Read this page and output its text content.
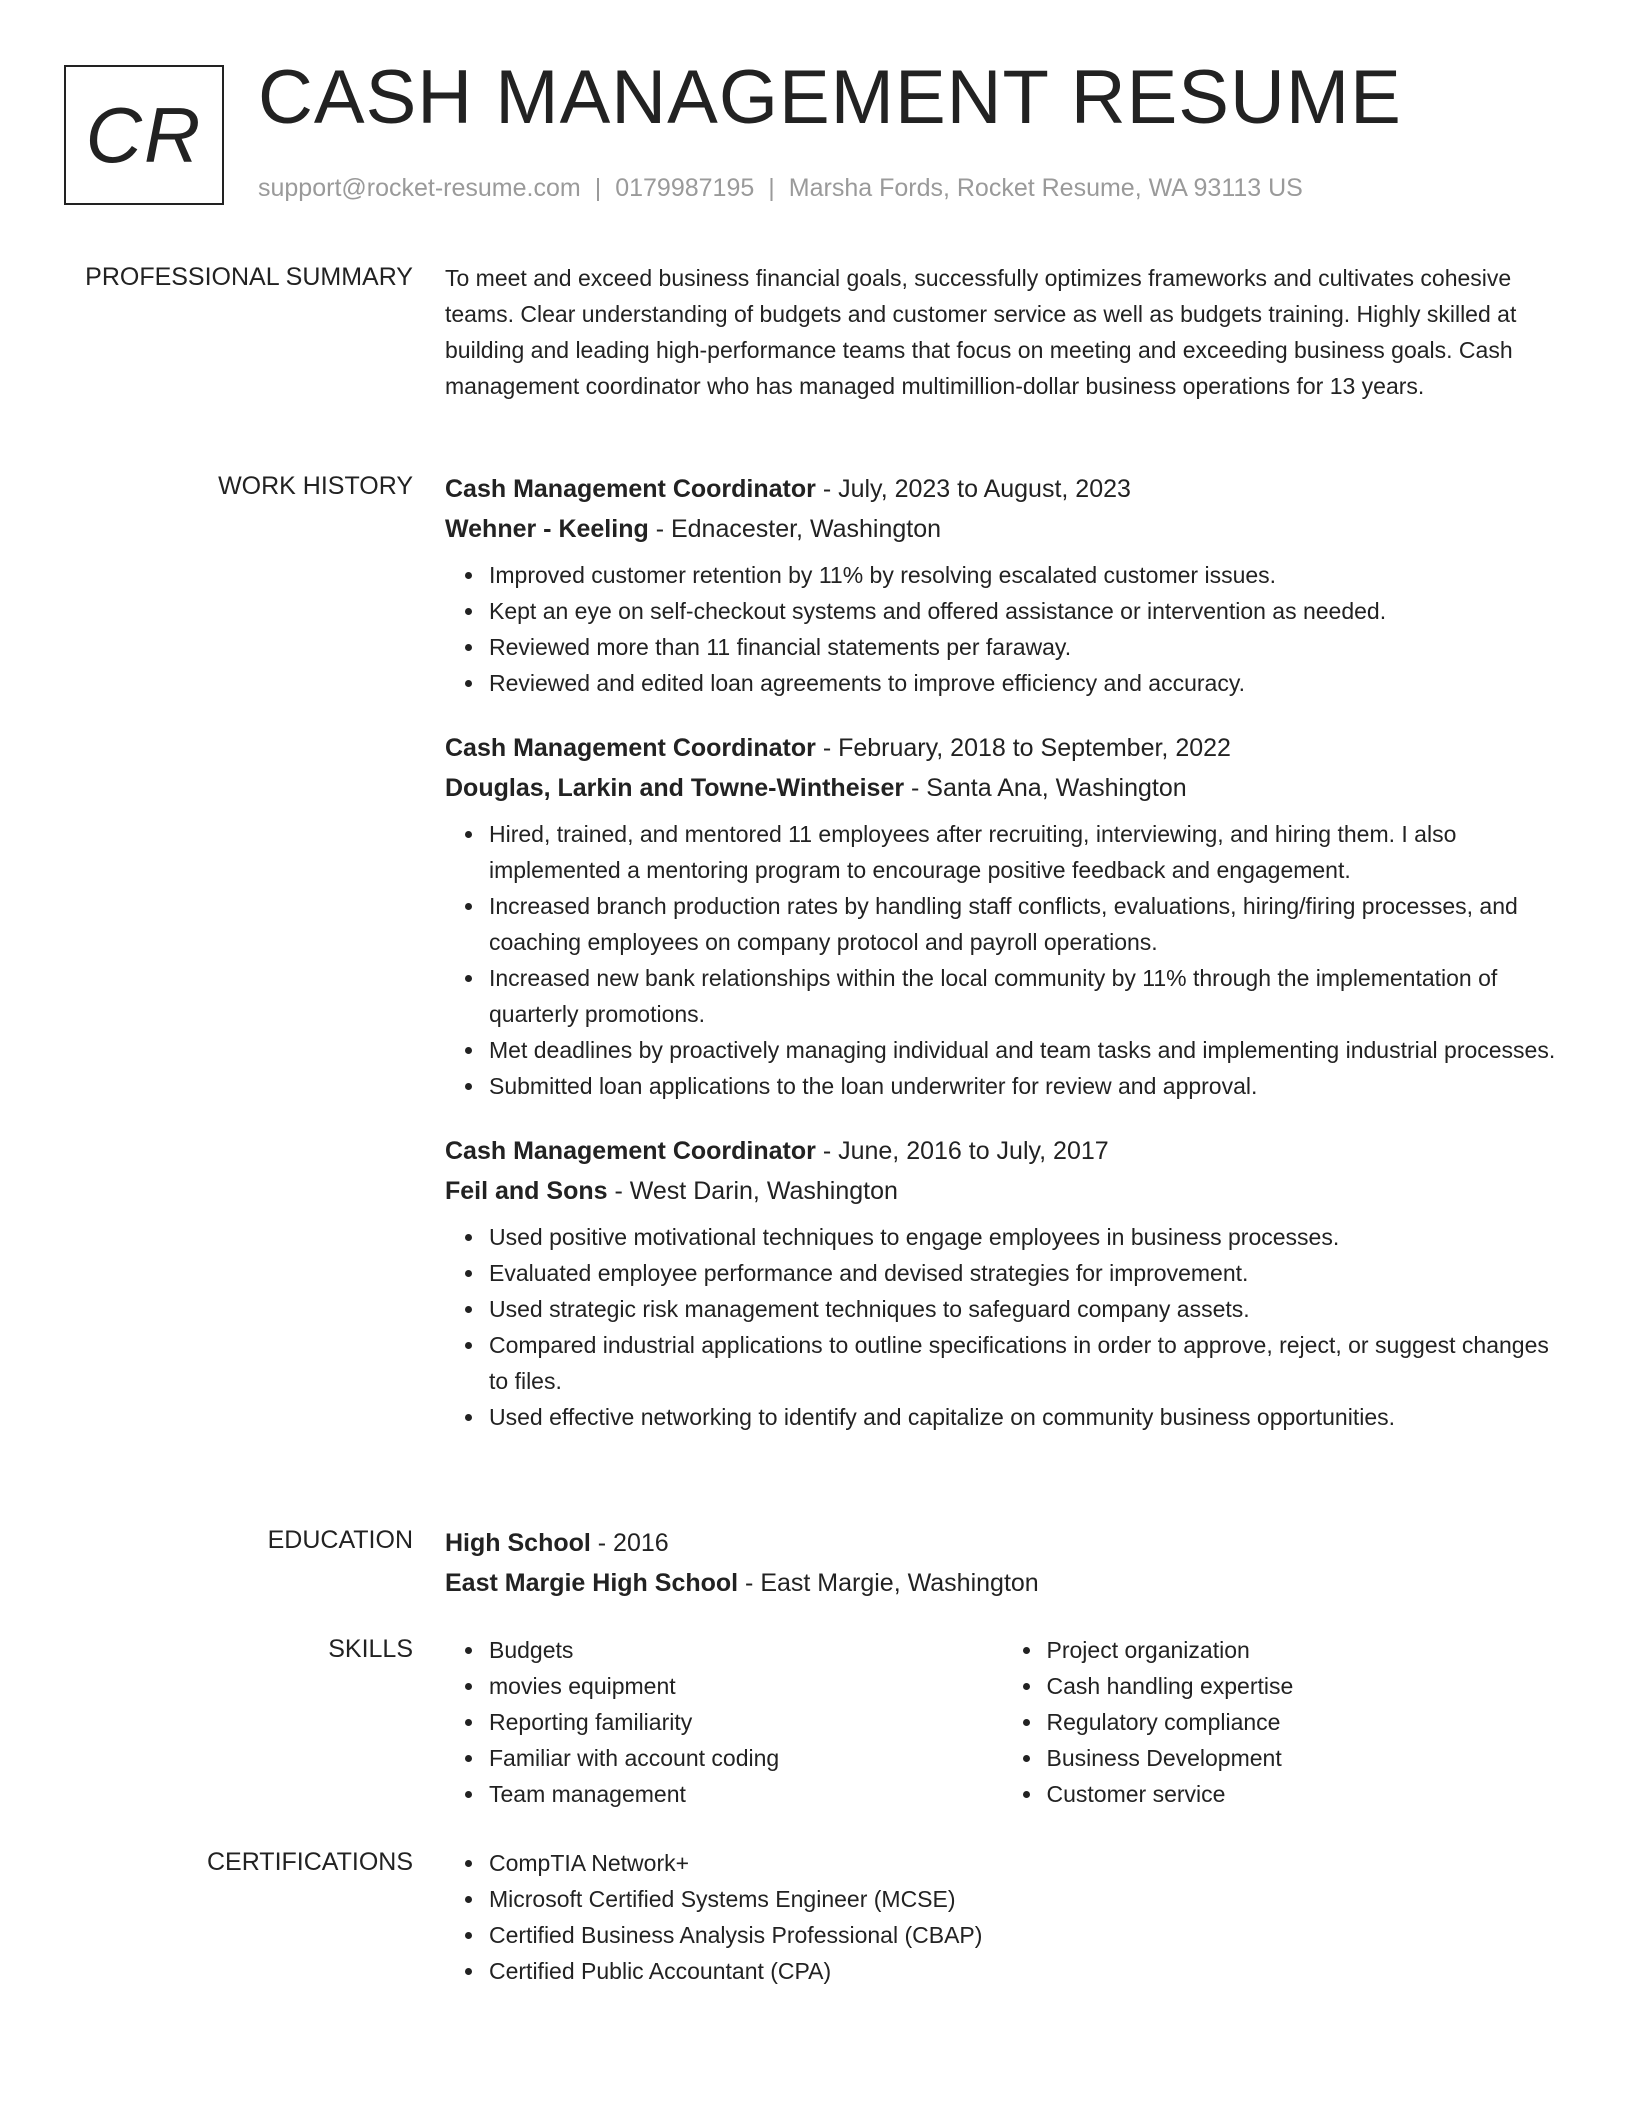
CR CASH MANAGEMENT RESUME
support@rocket-resume.com | 0179987195 | Marsha Fords, Rocket Resume, WA 93113 US
PROFESSIONAL SUMMARY To meet and exceed business financial goals, successfully optimizes frameworks and cultivates cohesive teams. Clear understanding of budgets and customer service as well as budgets training. Highly skilled at building and leading high-performance teams that focus on meeting and exceeding business goals. Cash management coordinator who has managed multimillion-dollar business operations for 13 years.

WORK HISTORY Cash Management Coordinator - July, 2023 to August, 2023

Wehner - Keeling - Ednacester, Washington

Improved customer retention by 11% by resolving escalated customer issues.
Kept an eye on self-checkout systems and offered assistance or intervention as needed.
Reviewed more than 11 financial statements per faraway.
Reviewed and edited loan agreements to improve efficiency and accuracy.

Cash Management Coordinator - February, 2018 to September, 2022

Douglas, Larkin and Towne-Wintheiser - Santa Ana, Washington

Hired, trained, and mentored 11 employees after recruiting, interviewing, and hiring them. I also implemented a mentoring program to encourage positive feedback and engagement.
Increased branch production rates by handling staff conflicts, evaluations, hiring/firing processes, and coaching employees on company protocol and payroll operations.
Increased new bank relationships within the local community by 11% through the implementation of quarterly promotions.
Met deadlines by proactively managing individual and team tasks and implementing industrial processes.
Submitted loan applications to the loan underwriter for review and approval.

Cash Management Coordinator - June, 2016 to July, 2017

Feil and Sons - West Darin, Washington

Used positive motivational techniques to engage employees in business processes.
Evaluated employee performance and devised strategies for improvement.
Used strategic risk management techniques to safeguard company assets.
Compared industrial applications to outline specifications in order to approve, reject, or suggest changes to files.
Used effective networking to identify and capitalize on community business opportunities.
EDUCATION High School - 2016

East Margie High School - East Margie, Washington

SKILLS	Budgets
movies equipment
Reporting familiarity
Familiar with account coding
Team management
Project organization
Cash handling expertise
Regulatory compliance
Business Development
Customer service
CERTIFICATIONS	CompTIA Network+
Microsoft Certified Systems Engineer (MCSE)
Certified Business Analysis Professional (CBAP)
Certified Public Accountant (CPA)
